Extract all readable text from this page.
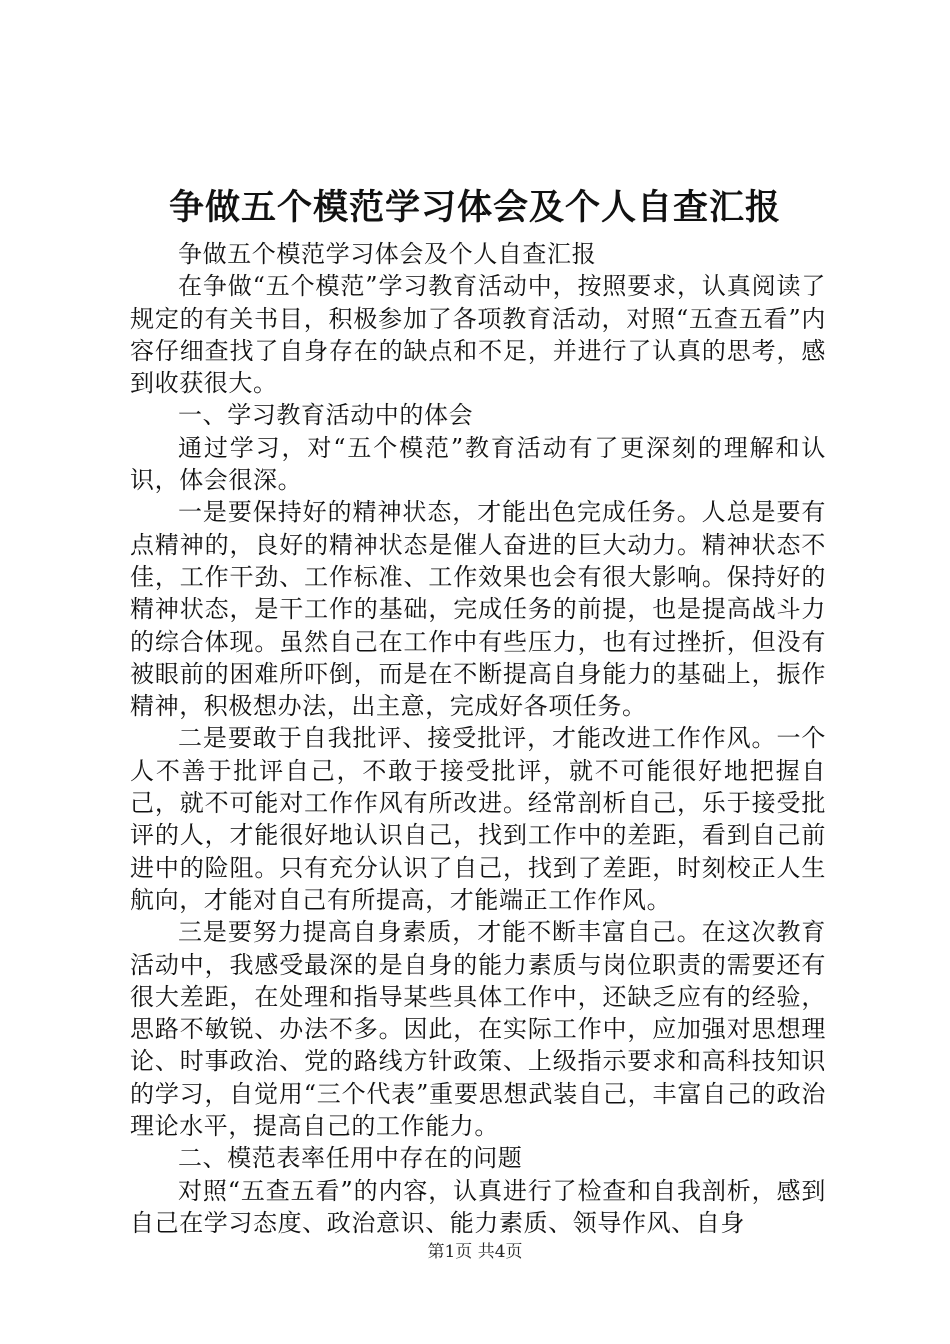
争做五个模范学习体会及个人自查汇报

争做五个模范学习体会及个人自查汇报

在争做“五个模范”学习教育活动中，按照要求，认真阅读了规定的有关书目，积极参加了各项教育活动，对照“五查五看”内容仔细查找了自身存在的缺点和不足，并进行了认真的思考，感到收获很大。

一、学习教育活动中的体会

通过学习，对“五个模范”教育活动有了更深刻的理解和认识，体会很深。

一是要保持好的精神状态，才能出色完成任务。人总是要有点精神的，良好的精神状态是催人奋进的巨大动力。精神状态不佳，工作干劲、工作标准、工作效果也会有很大影响。保持好的精神状态，是干工作的基础，完成任务的前提，也是提高战斗力的综合体现。虽然自己在工作中有些压力，也有过挫折，但没有被眼前的困难所吓倒，而是在不断提高自身能力的基础上，振作精神，积极想办法，出主意，完成好各项任务。

二是要敢于自我批评、接受批评，才能改进工作作风。一个人不善于批评自己，不敢于接受批评，就不可能很好地把握自己，就不可能对工作作风有所改进。经常剖析自己，乐于接受批评的人，才能很好地认识自己，找到工作中的差距，看到自己前进中的险阻。只有充分认识了自己，找到了差距，时刻校正人生航向，才能对自己有所提高，才能端正工作作风。

三是要努力提高自身素质，才能不断丰富自己。在这次教育活动中，我感受最深的是自身的能力素质与岗位职责的需要还有很大差距，在处理和指导某些具体工作中，还缺乏应有的经验，思路不敏锐、办法不多。因此，在实际工作中，应加强对思想理论、时事政治、党的路线方针政策、上级指示要求和高科技知识的学习，自觉用“三个代表”重要思想武装自己，丰富自己的政治理论水平，提高自己的工作能力。

二、模范表率任用中存在的问题

对照“五查五看”的内容，认真进行了检查和自我剖析，感到自己在学习态度、政治意识、能力素质、领导作风、自身

第1页 共4页
